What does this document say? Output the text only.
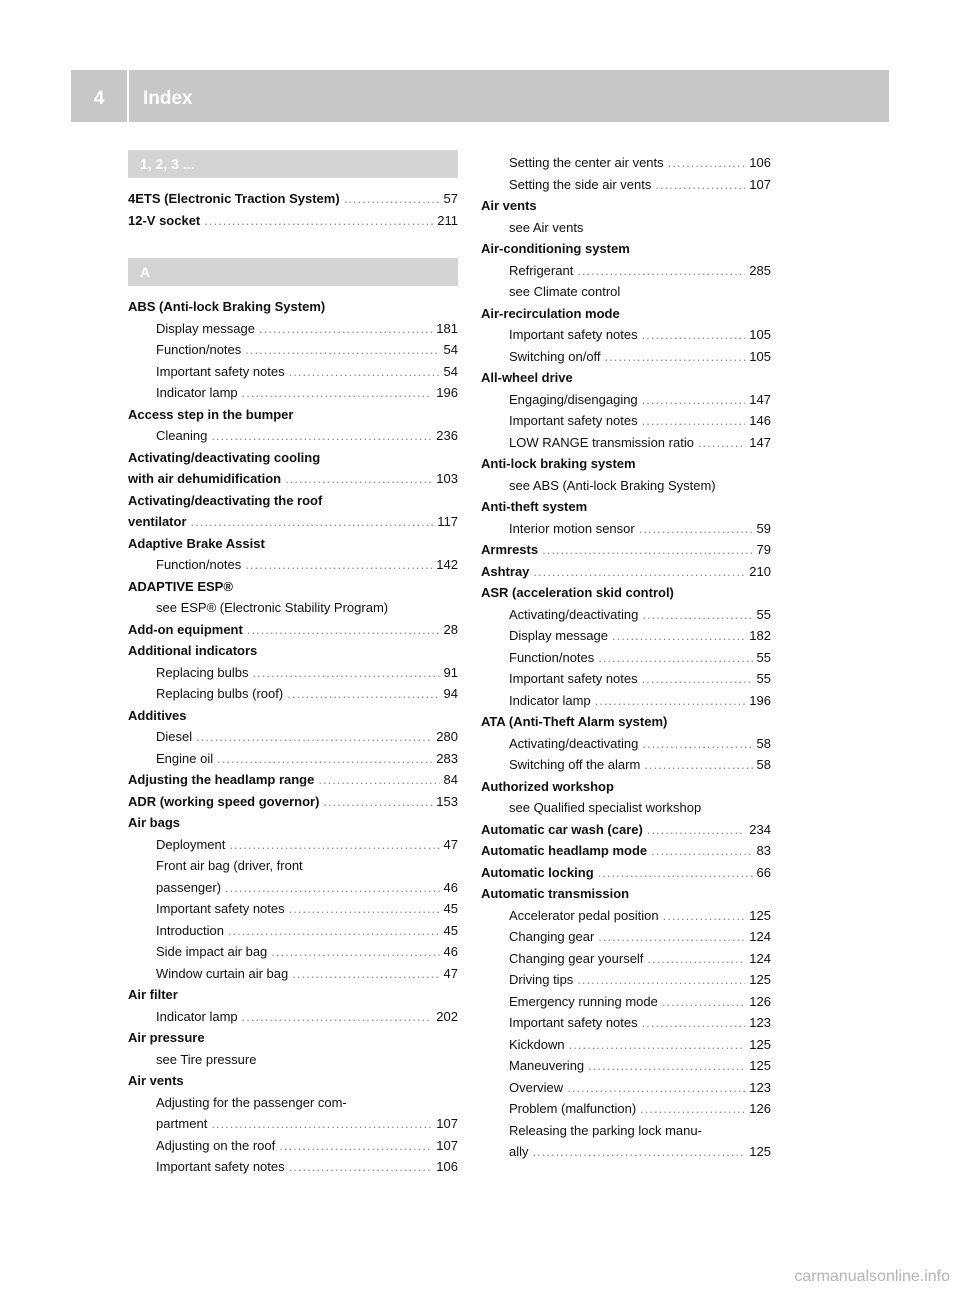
4	Index
1, 2, 3 ...
4ETS (Electronic Traction System) .....	57
12-V socket .....	211
A
ABS (Anti-lock Braking System)
Display message .....	181
Function/notes .....	54
Important safety notes .....	54
Indicator lamp .....	196
Access step in the bumper
Cleaning .....	236
Activating/deactivating cooling
with air dehumidification .....	103
Activating/deactivating the roof
ventilator .....	117
Adaptive Brake Assist
Function/notes .....	142
ADAPTIVE ESP®
see ESP® (Electronic Stability Program)
Add-on equipment .....	28
Additional indicators
Replacing bulbs .....	91
Replacing bulbs (roof) .....	94
Additives
Diesel .....	280
Engine oil .....	283
Adjusting the headlamp range .....	84
ADR (working speed governor) .....	153
Air bags
Deployment .....	47
Front air bag (driver, front
passenger) .....	46
Important safety notes .....	45
Introduction .....	45
Side impact air bag .....	46
Window curtain air bag .....	47
Air filter
Indicator lamp .....	202
Air pressure
see Tire pressure
Air vents
Adjusting for the passenger com-
partment .....	107
Adjusting on the roof .....	107
Important safety notes .....	106
Setting the center air vents .....	106
Setting the side air vents .....	107
Air vents
see Air vents
Air-conditioning system
Refrigerant .....	285
see Climate control
Air-recirculation mode
Important safety notes .....	105
Switching on/off .....	105
All-wheel drive
Engaging/disengaging .....	147
Important safety notes .....	146
LOW RANGE transmission ratio .....	147
Anti-lock braking system
see ABS (Anti-lock Braking System)
Anti-theft system
Interior motion sensor .....	59
Armrests .....	79
Ashtray .....	210
ASR (acceleration skid control)
Activating/deactivating .....	55
Display message .....	182
Function/notes .....	55
Important safety notes .....	55
Indicator lamp .....	196
ATA (Anti-Theft Alarm system)
Activating/deactivating .....	58
Switching off the alarm .....	58
Authorized workshop
see Qualified specialist workshop
Automatic car wash (care) .....	234
Automatic headlamp mode .....	83
Automatic locking .....	66
Automatic transmission
Accelerator pedal position .....	125
Changing gear .....	124
Changing gear yourself .....	124
Driving tips .....	125
Emergency running mode .....	126
Important safety notes .....	123
Kickdown .....	125
Maneuvering .....	125
Overview .....	123
Problem (malfunction) .....	126
Releasing the parking lock manu-
ally .....	125
carmanualsonline.info
